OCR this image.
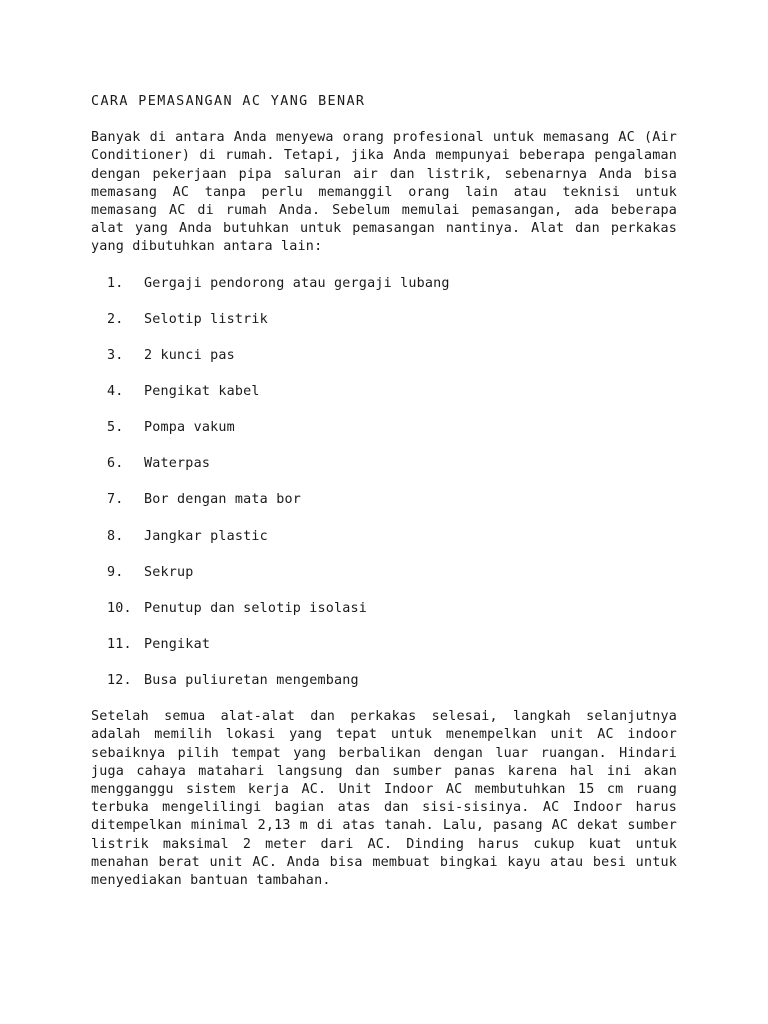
CARA PEMASANGAN AC YANG BENAR

Banyak di antara Anda menyewa orang profesional untuk memasang AC (Air Conditioner) di rumah. Tetapi, jika Anda mempunyai beberapa pengalaman dengan pekerjaan pipa saluran air dan listrik, sebenarnya Anda bisa memasang AC tanpa perlu memanggil orang lain atau teknisi untuk memasang AC di rumah Anda. Sebelum memulai pemasangan, ada beberapa alat yang Anda butuhkan untuk pemasangan nantinya. Alat dan perkakas yang dibutuhkan antara lain:

1.	Gergaji pendorong atau gergaji lubang
2.	Selotip listrik
3.	2 kunci pas
4.	Pengikat kabel
5.	Pompa vakum
6.	Waterpas
7.	Bor dengan mata bor
8.	Jangkar plastic
9.	Sekrup
10. Penutup dan selotip isolasi
11. Pengikat
12. Busa puliuretan mengembang

Setelah semua alat-alat dan perkakas selesai, langkah selanjutnya adalah memilih lokasi yang tepat untuk menempelkan unit AC indoor sebaiknya pilih tempat yang berbalikan dengan luar ruangan. Hindari juga cahaya matahari langsung dan sumber panas karena hal ini akan mengganggu sistem kerja AC. Unit Indoor AC membutuhkan 15 cm ruang terbuka mengelilingi bagian atas dan sisi-sisinya. AC Indoor harus ditempelkan minimal 2,13 m di atas tanah. Lalu, pasang AC dekat sumber listrik maksimal 2 meter dari AC. Dinding harus cukup kuat untuk menahan berat unit AC. Anda bisa membuat bingkai kayu atau besi untuk menyediakan bantuan tambahan.
